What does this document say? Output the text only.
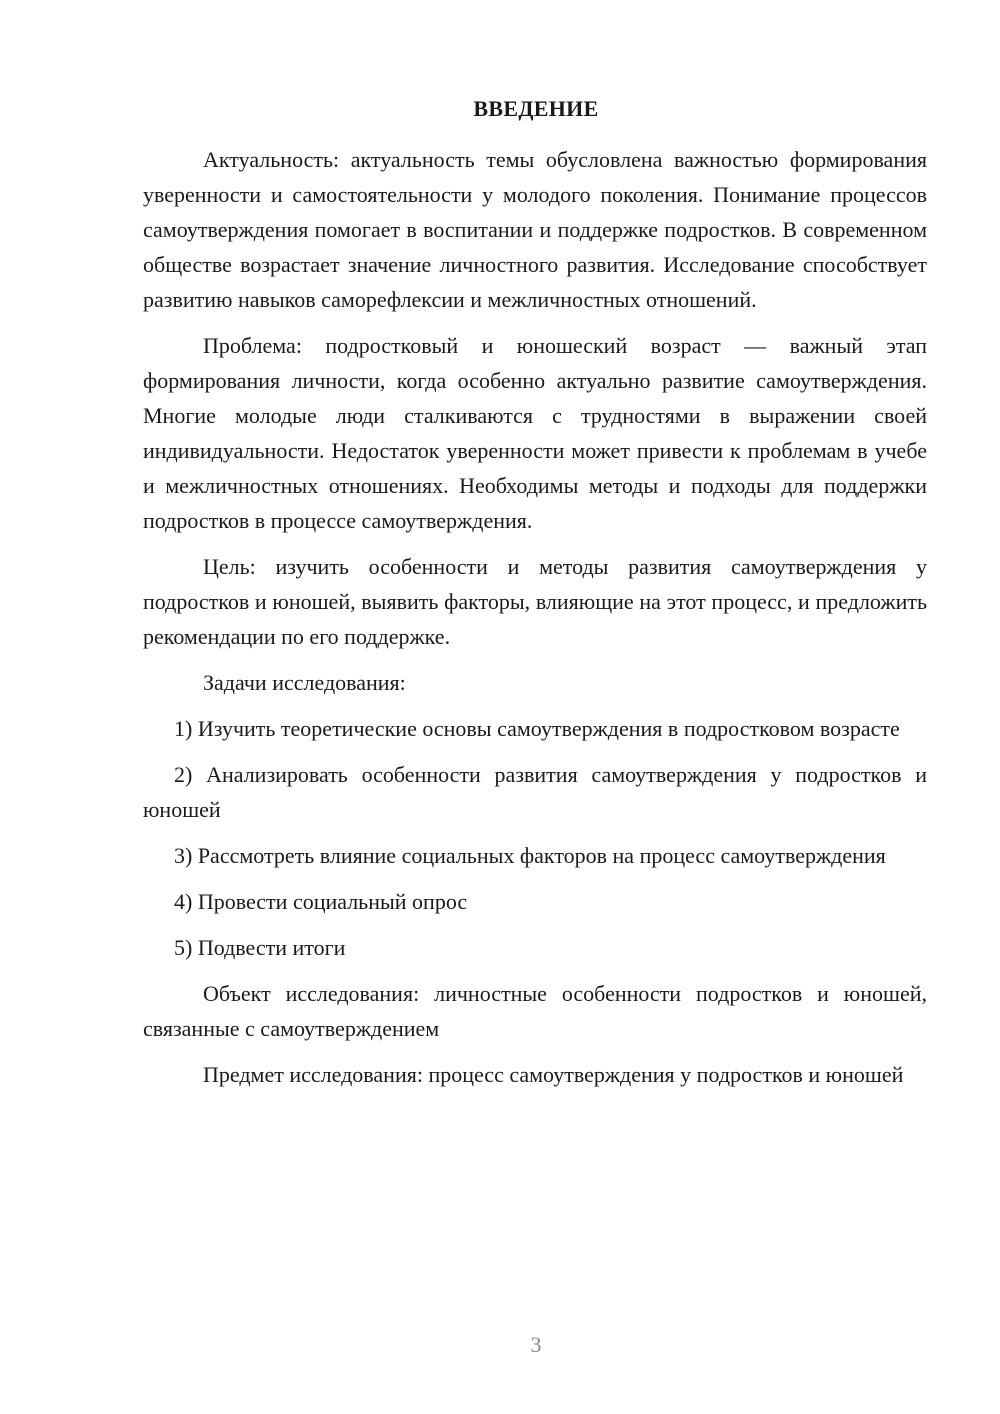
ВВЕДЕНИЕ

Актуальность: актуальность темы обусловлена важностью формирования уверенности и самостоятельности у молодого поколения. Понимание процессов самоутверждения помогает в воспитании и поддержке подростков. В современном обществе возрастает значение личностного развития. Исследование способствует развитию навыков саморефлексии и межличностных отношений.

Проблема: подростковый и юношеский возраст — важный этап формирования личности, когда особенно актуально развитие самоутверждения. Многие молодые люди сталкиваются с трудностями в выражении своей индивидуальности. Недостаток уверенности может привести к проблемам в учебе и межличностных отношениях. Необходимы методы и подходы для поддержки подростков в процессе самоутверждения.

Цель: изучить особенности и методы развития самоутверждения у подростков и юношей, выявить факторы, влияющие на этот процесс, и предложить рекомендации по его поддержке.

Задачи исследования:

1) Изучить теоретические основы самоутверждения в подростковом возрасте

2) Анализировать особенности развития самоутверждения у подростков и юношей

3) Рассмотреть влияние социальных факторов на процесс самоутверждения

4) Провести социальный опрос

5) Подвести итоги

Объект исследования: личностные особенности подростков и юношей, связанные с самоутверждением

Предмет исследования: процесс самоутверждения у подростков и юношей

3
